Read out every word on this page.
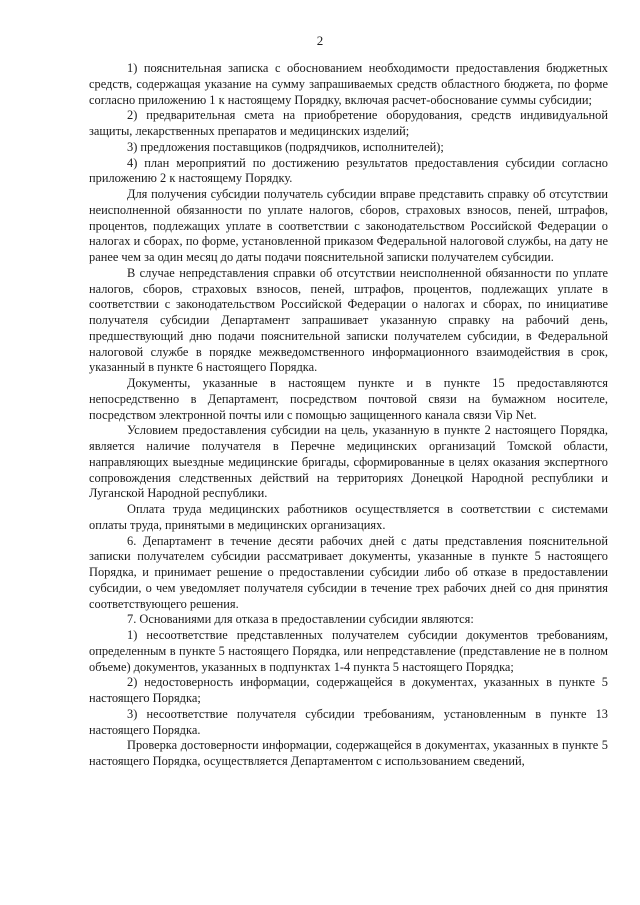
2

1) пояснительная записка с обоснованием необходимости предоставления бюджетных средств, содержащая указание на сумму запрашиваемых средств областного бюджета, по форме согласно приложению 1 к настоящему Порядку, включая расчет-обоснование суммы субсидии;

2) предварительная смета на приобретение оборудования, средств индивидуальной защиты, лекарственных препаратов и медицинских изделий;

3) предложения поставщиков (подрядчиков, исполнителей);

4) план мероприятий по достижению результатов предоставления субсидии согласно приложению 2 к настоящему Порядку.

Для получения субсидии получатель субсидии вправе представить справку об отсутствии неисполненной обязанности по уплате налогов, сборов, страховых взносов, пеней, штрафов, процентов, подлежащих уплате в соответствии с законодательством Российской Федерации о налогах и сборах, по форме, установленной приказом Федеральной налоговой службы, на дату не ранее чем за один месяц до даты подачи пояснительной записки получателем субсидии.

В случае непредставления справки об отсутствии неисполненной обязанности по уплате налогов, сборов, страховых взносов, пеней, штрафов, процентов, подлежащих уплате в соответствии с законодательством Российской Федерации о налогах и сборах, по инициативе получателя субсидии Департамент запрашивает указанную справку на рабочий день, предшествующий дню подачи пояснительной записки получателем субсидии, в Федеральной налоговой службе в порядке межведомственного информационного взаимодействия в срок, указанный в пункте 6 настоящего Порядка.

Документы, указанные в настоящем пункте и в пункте 15 предоставляются непосредственно в Департамент, посредством почтовой связи на бумажном носителе, посредством электронной почты или с помощью защищенного канала связи Vip Net.

Условием предоставления субсидии на цель, указанную в пункте 2 настоящего Порядка, является наличие получателя в Перечне медицинских организаций Томской области, направляющих выездные медицинские бригады, сформированные в целях оказания экспертного сопровождения следственных действий на территориях Донецкой Народной республики и Луганской Народной республики.

Оплата труда медицинских работников осуществляется в соответствии с системами оплаты труда, принятыми в медицинских организациях.

6. Департамент в течение десяти рабочих дней с даты представления пояснительной записки получателем субсидии рассматривает документы, указанные в пункте 5 настоящего Порядка, и принимает решение о предоставлении субсидии либо об отказе в предоставлении субсидии, о чем уведомляет получателя субсидии в течение трех рабочих дней со дня принятия соответствующего решения.

7. Основаниями для отказа в предоставлении субсидии являются:

1) несоответствие представленных получателем субсидии документов требованиям, определенным в пункте 5 настоящего Порядка, или непредставление (представление не в полном объеме) документов, указанных в подпунктах 1-4 пункта 5 настоящего Порядка;

2) недостоверность информации, содержащейся в документах, указанных в пункте 5 настоящего Порядка;

3) несоответствие получателя субсидии требованиям, установленным в пункте 13 настоящего Порядка.

Проверка достоверности информации, содержащейся в документах, указанных в пункте 5 настоящего Порядка, осуществляется Департаментом с использованием сведений,
